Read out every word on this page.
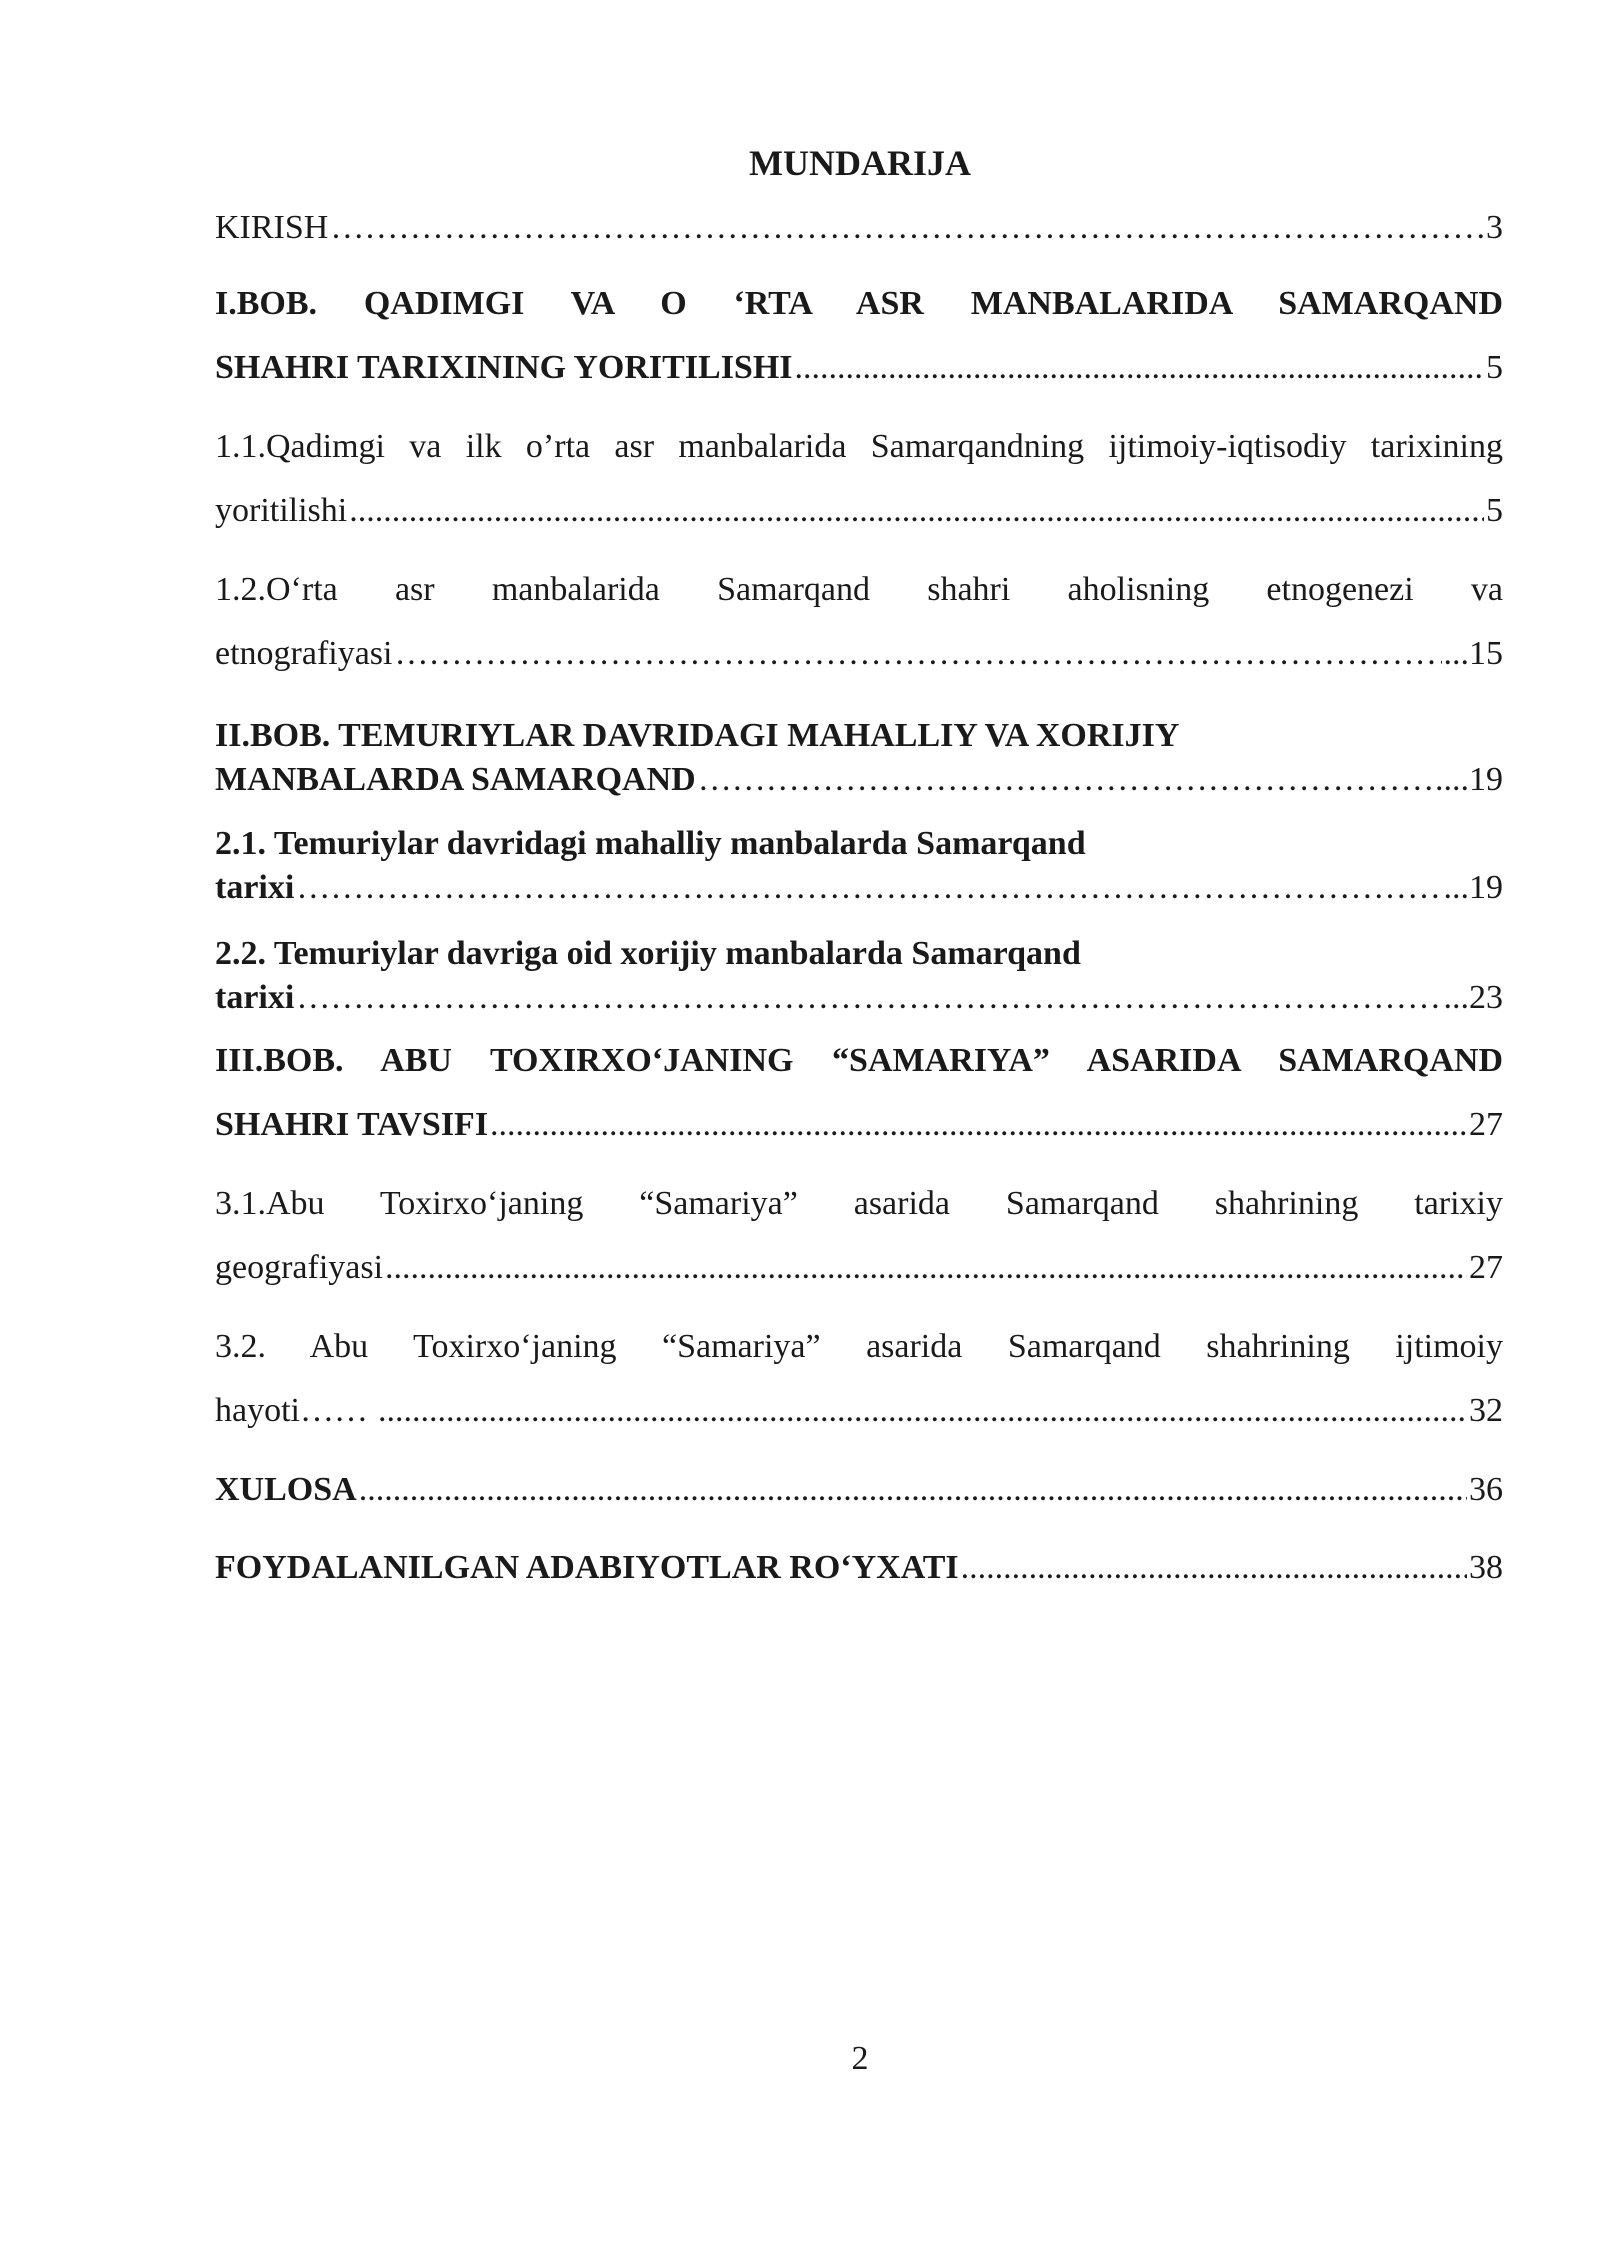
MUNDARIJA
KIRISH …………………………………………………………………………………………………………………………………………………………………………………………	3
I.BOB. QADIMGI VA O ‘RTA ASR MANBALARIDA SAMARQAND
SHAHRI TARIXINING YORITILISHI .....	5
1.1.Qadimgi va ilk o’rta asr manbalarida Samarqandning ijtimoiy-iqtisodiy tarixining
yoritilishi .....	5
1.2.O‘rta asr manbalarida Samarqand shahri aholisning etnogenezi va
etnografiyasi …………………………………………………………………………………………………………………………………………………………………………………………	...15
II.BOB. TEMURIYLAR DAVRIDAGI MAHALLIY VA XORIJIY
MANBALARDA SAMARQAND …………………………………………………………………………………………………………………………………………………………………………………………	....19
2.1. Temuriylar davridagi mahalliy manbalarda Samarqand
tarixi …………………………………………………………………………………………………………………………………………………………………………………………	...19
2.2. Temuriylar davriga oid xorijiy manbalarda Samarqand
tarixi …………………………………………………………………………………………………………………………………………………………………………………………	...23
III.BOB. ABU TOXIRXO‘JANING “SAMARIYA” ASARIDA SAMARQAND
SHAHRI TAVSIFI .....	27
3.1.Abu Toxirxo‘janing “Samariya” asarida Samarqand shahrining tarixiy
geografiyasi .....	27
3.2. Abu Toxirxo‘janing “Samariya” asarida Samarqand shahrining ijtimoiy
hayoti…… .....	32
XULOSA .....	36
FOYDALANILGAN ADABIYOTLAR RO‘YXATI .....	38
2
